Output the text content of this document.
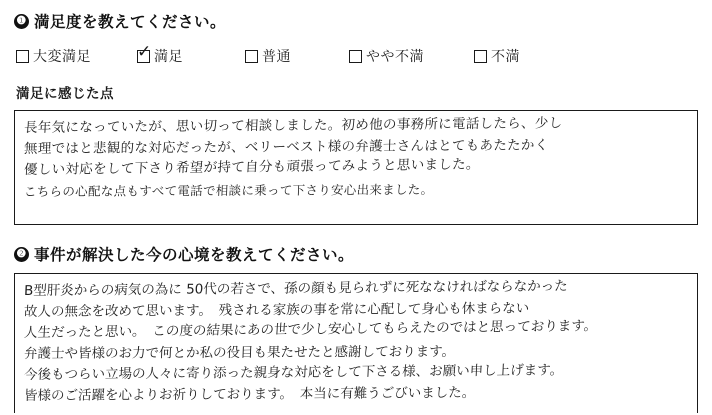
❶ 満足度を教えてください。
大変満足	✓ 満足	普通	やや不満	不満
満足に感じた点
長年気になっていたが、思い切って相談しました。初め他の事務所に電話したら、少し
無理ではと悲観的な対応だったが、ベリーベスト様の弁護士さんはとてもあたたかく
優しい対応をして下さり希望が持て自分も頑張ってみようと思いました。
こちらの心配な点もすべて電話で相談に乗って下さり安心出来ました。
❷ 事件が解決した今の心境を教えてください。
B型肝炎からの病気の為に 50代の若さで、孫の顔も見られずに死ななければならなかった
故人の無念を改めて思います。　残される家族の事を常に心配して身心も休まらない
人生だったと思い。　この度の結果にあの世で少し安心してもらえたのではと思っております。
弁護士や皆様のお力で何とか私の役目も果たせたと感謝しております。
今後もつらい立場の人々に寄り添った親身な対応をして下さる様、お願い申し上げます。
皆様のご活躍を心よりお祈りしております。　本当に有難うごびいました。
